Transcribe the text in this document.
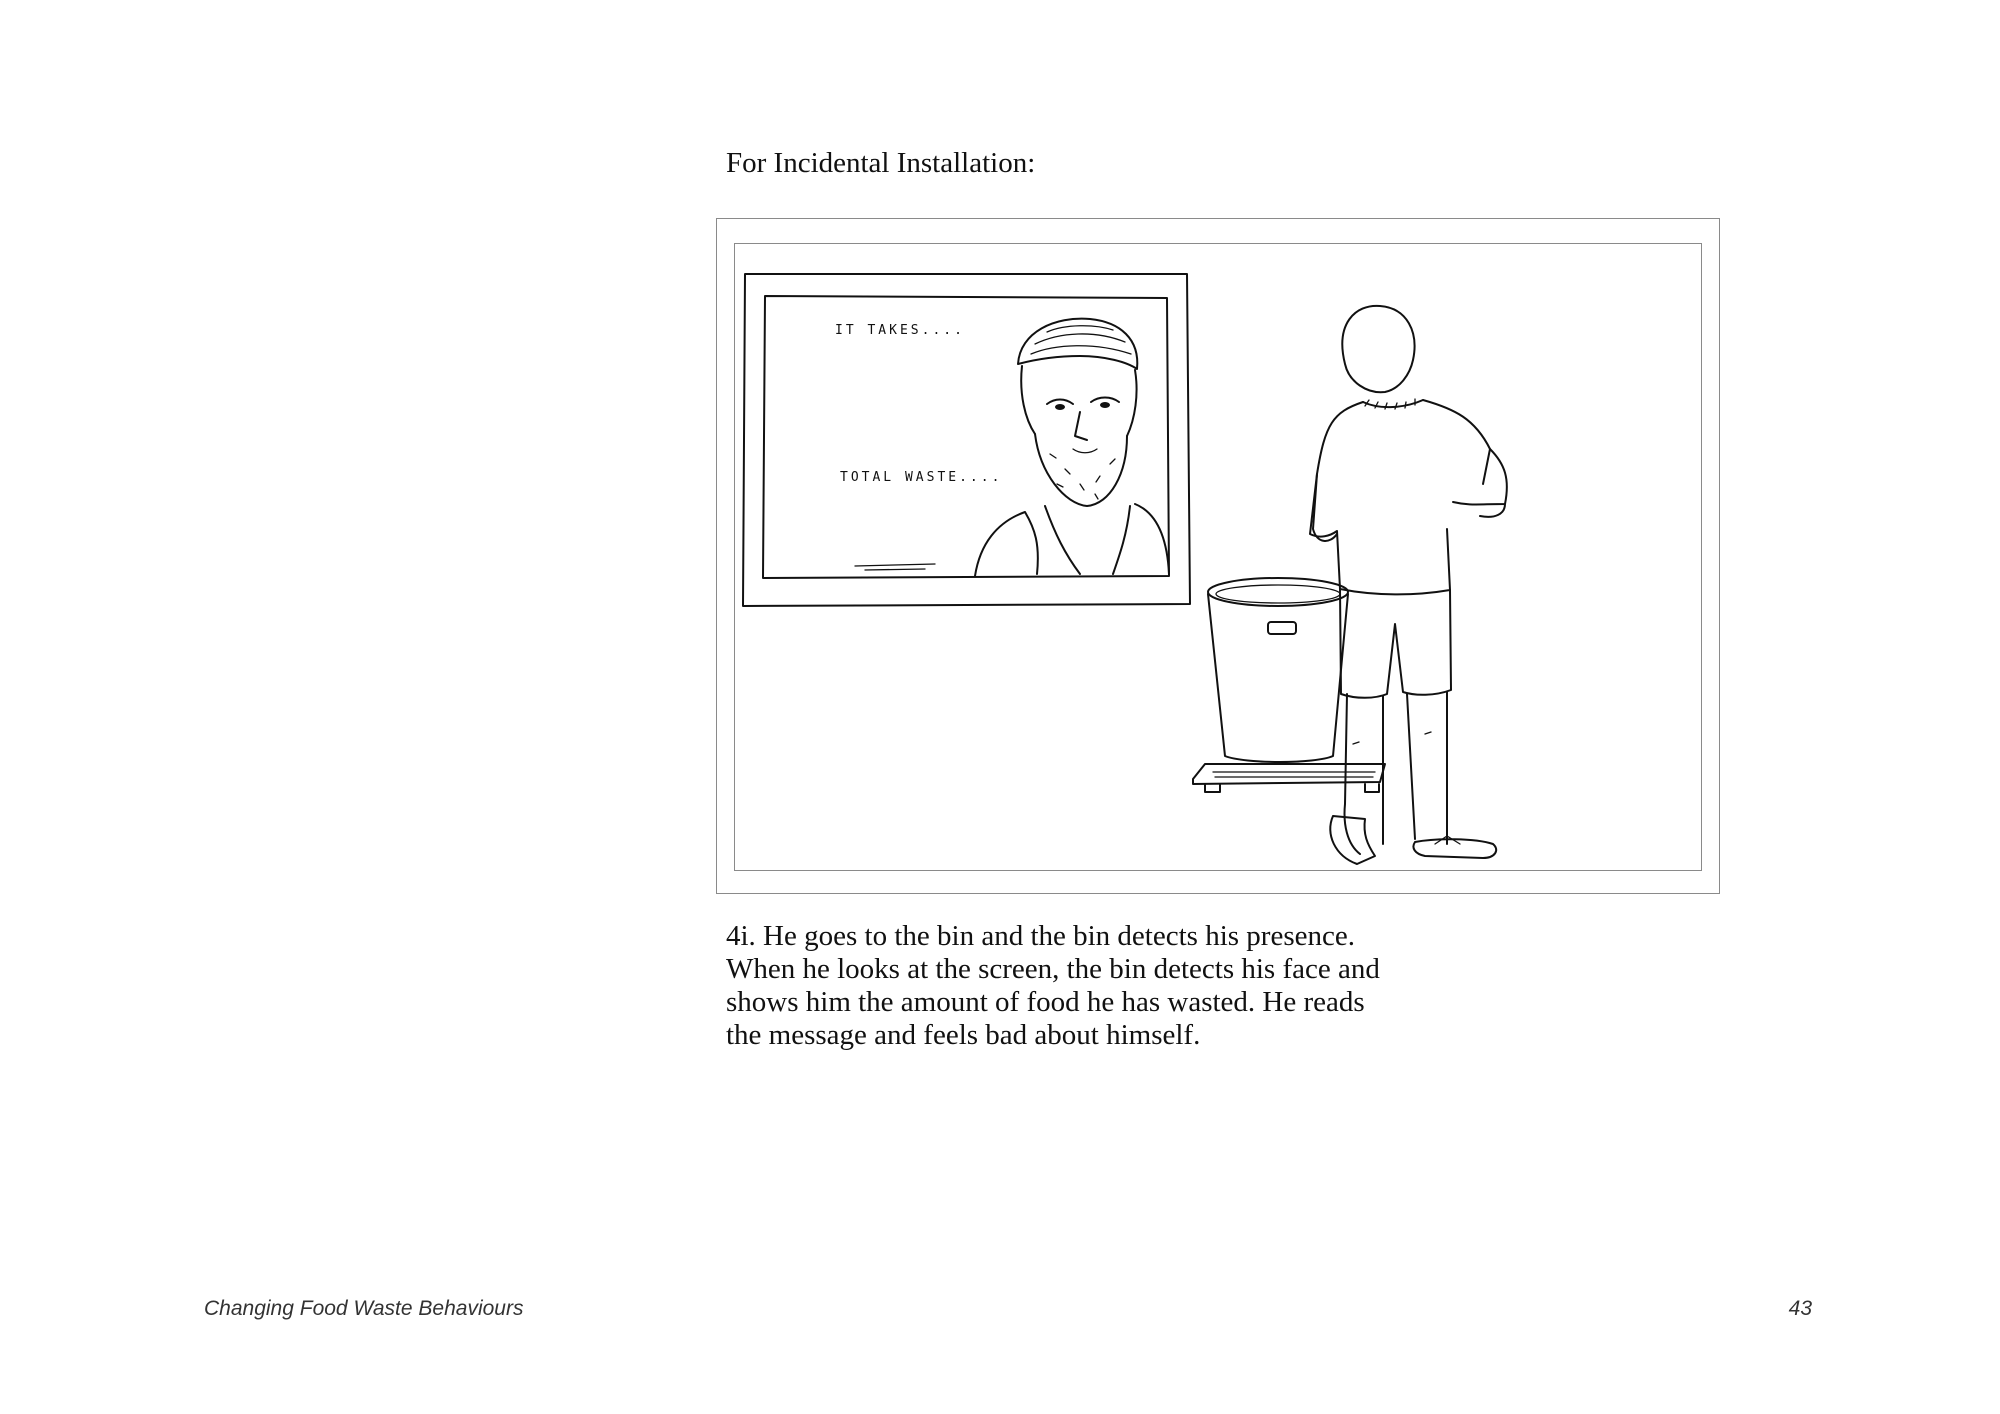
For Incidental Installation:
IT TAKES....
TOTAL WASTE....
4i. He goes to the bin and the bin detects his presence.
When he looks at the screen, the bin detects his face and
shows him the amount of food he has wasted. He reads
the message and feels bad about himself.
Changing Food Waste Behaviours	43
